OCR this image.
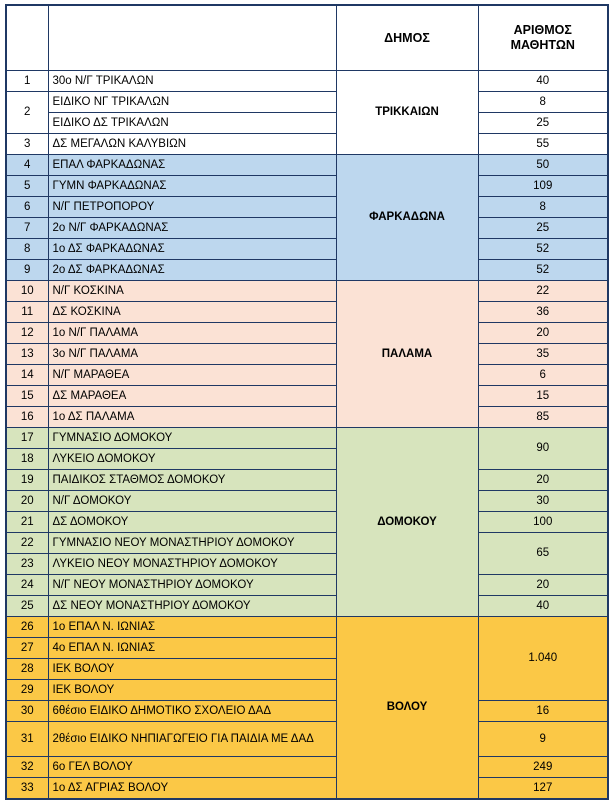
		ΔΗΜΟΣ	ΑΡΙΘΜΟΣ ΜΑΘΗΤΩΝ
1	30ο Ν/Γ ΤΡΙΚΑΛΩΝ	ΤΡΙΚΚΑΙΩΝ	40
2	ΕΙΔΙΚΟ ΝΓ ΤΡΙΚΑΛΩΝ		8
	ΕΙΔΙΚΟ ΔΣ ΤΡΙΚΑΛΩΝ		25
3	ΔΣ ΜΕΓΑΛΩΝ ΚΑΛΥΒΙΩΝ		55
4	ΕΠΑΛ ΦΑΡΚΑΔΩΝΑΣ	ΦΑΡΚΑΔΩΝΑ	50
5	ΓΥΜΝ ΦΑΡΚΑΔΩΝΑΣ		109
6	Ν/Γ ΠΕΤΡΟΠΟΡΟΥ		8
7	2ο Ν/Γ ΦΑΡΚΑΔΩΝΑΣ		25
8	1ο ΔΣ ΦΑΡΚΑΔΩΝΑΣ		52
9	2ο ΔΣ ΦΑΡΚΑΔΩΝΑΣ		52
10	Ν/Γ ΚΟΣΚΙΝΑ	ΠΑΛΑΜΑ	22
11	ΔΣ ΚΟΣΚΙΝΑ		36
12	1ο Ν/Γ ΠΑΛΑΜΑ		20
13	3ο Ν/Γ ΠΑΛΑΜΑ		35
14	Ν/Γ ΜΑΡΑΘΕΑ		6
15	ΔΣ ΜΑΡΑΘΕΑ		15
16	1ο ΔΣ ΠΑΛΑΜΑ		85
17	ΓΥΜΝΑΣΙΟ ΔΟΜΟΚΟΥ	ΔΟΜΟΚΟΥ	90
18	ΛΥΚΕΙΟ ΔΟΜΟΚΟΥ		
19	ΠΑΙΔΙΚΟΣ ΣΤΑΘΜΟΣ ΔΟΜΟΚΟΥ		20
20	Ν/Γ ΔΟΜΟΚΟΥ		30
21	ΔΣ ΔΟΜΟΚΟΥ		100
22	ΓΥΜΝΑΣΙΟ ΝΕΟΥ ΜΟΝΑΣΤΗΡΙΟΥ ΔΟΜΟΚΟΥ		65
23	ΛΥΚΕΙΟ ΝΕΟΥ ΜΟΝΑΣΤΗΡΙΟΥ ΔΟΜΟΚΟΥ		
24	Ν/Γ ΝΕΟΥ ΜΟΝΑΣΤΗΡΙΟΥ ΔΟΜΟΚΟΥ		20
25	ΔΣ ΝΕΟΥ ΜΟΝΑΣΤΗΡΙΟΥ ΔΟΜΟΚΟΥ		40
26	1ο ΕΠΑΛ Ν. ΙΩΝΙΑΣ	ΒΟΛΟΥ	1.040
27	4ο ΕΠΑΛ Ν. ΙΩΝΙΑΣ		
28	ΙΕΚ ΒΟΛΟΥ		
29	ΙΕΚ ΒΟΛΟΥ		
30	6θέσιο ΕΙΔΙΚΟ ΔΗΜΟΤΙΚΟ ΣΧΟΛΕΙΟ ΔΑΔ		16
31	2θέσιο ΕΙΔΙΚΟ ΝΗΠΙΑΓΩΓΕΙΟ ΓΙΑ ΠΑΙΔΙΑ ΜΕ ΔΑΔ		9
32	6ο ΓΕΛ ΒΟΛΟΥ		249
33	1ο ΔΣ ΑΓΡΙΑΣ ΒΟΛΟΥ		127
